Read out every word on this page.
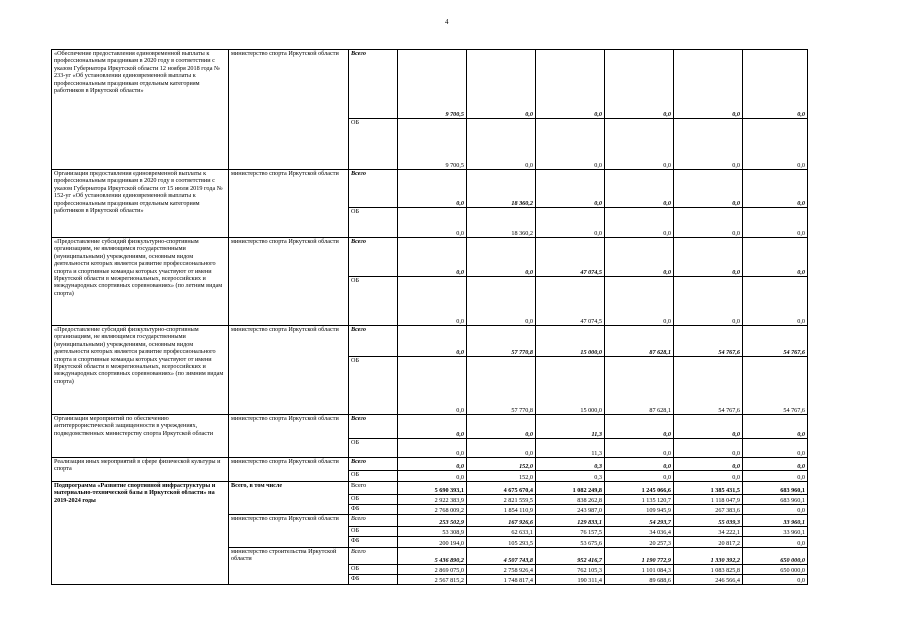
4
«Обеспечение предоставления единовременной выплаты к профессиональным праздникам в 2020 году в соответствии с указом Губернатора Иркутской области 12 ноября 2018 года № 233-уг «Об установлении единовременной выплаты к профессиональным праздникам отдельным категориям работников в Иркутской области»	министерство спорта Иркутской области	Всего	9 700,5	0,0	0,0	0,0	0,0	0,0
		ОБ	9 700,5	0,0	0,0	0,0	0,0	0,0
Организация предоставления единовременной выплаты к профессиональным праздникам в 2020 году в соответствии с указом Губернатора Иркутской области от 15 июля 2019 года № 152-уг «Об установлении единовременной выплаты к профессиональным праздникам отдельным категориям работников в Иркутской области»	министерство спорта Иркутской области	Всего	0,0	18 360,2	0,0	0,0	0,0	0,0
		ОБ	0,0	18 360,2	0,0	0,0	0,0	0,0
«Предоставление субсидий физкультурно-спортивным организациям, не являющимся государственными (муниципальными) учреждениями, основным видом деятельности которых является развитие профессионального спорта и спортивные команды которых участвуют от имени Иркутской области в межрегиональных, всероссийских и международных спортивных соревнованиях» (по летним видам спорта)	министерство спорта Иркутской области	Всего	0,0	0,0	47 074,5	0,0	0,0	0,0
		ОБ	0,0	0,0	47 074,5	0,0	0,0	0,0
«Предоставление субсидий физкультурно-спортивным организациям, не являющимся государственными (муниципальными) учреждениями, основным видом деятельности которых является развитие профессионального спорта и спортивные команды которых участвуют от имени Иркутской области в межрегиональных, всероссийских и международных спортивных соревнованиях» (по зимним видам спорта)	министерство спорта Иркутской области	Всего	0,0	57 770,8	15 000,0	87 628,1	54 767,6	54 767,6
		ОБ	0,0	57 770,8	15 000,0	87 628,1	54 767,6	54 767,6
Организация мероприятий по обеспечению антитеррористической защищенности в учреждениях, подведомственных министерству спорта Иркутской области	министерство спорта Иркутской области	Всего	0,0	0,0	11,3	0,0	0,0	0,0
		ОБ	0,0	0,0	11,3	0,0	0,0	0,0
Реализация иных мероприятий в сфере физической культуры и спорта	министерство спорта Иркутской области	Всего	0,0	152,0	0,3	0,0	0,0	0,0
		ОБ	0,0	152,0	0,3	0,0	0,0	0,0
Подпрограмма «Развитие спортивной инфраструктуры и материально-технической базы в Иркутской области» на 2019-2024 годы	Всего, в том числе	Всего	5 690 393,1	4 675 670,4	1 082 249,8	1 245 066,6	1 385 431,5	683 960,1
		ОБ	2 922 383,9	2 821 559,5	838 262,8	1 135 120,7	1 118 047,9	683 960,1
		ФБ	2 768 009,2	1 854 110,9	243 987,0	109 945,9	267 383,6	0,0
	министерство спорта Иркутской области	Всего	253 502,9	167 926,6	129 833,1	54 293,7	55 039,3	33 960,1
		ОБ	53 308,9	62 633,1	76 157,5	34 036,4	34 222,1	33 960,1
		ФБ	200 194,0	105 293,5	53 675,6	20 257,3	20 817,2	0,0
	министерство строительства Иркутской области	Всего	5 436 890,2	4 507 743,8	952 416,7	1 190 772,9	1 330 392,2	650 000,0
		ОБ	2 869 075,0	2 758 926,4	762 105,3	1 101 084,3	1 083 825,8	650 000,0
		ФБ	2 567 815,2	1 748 817,4	190 311,4	89 688,6	246 566,4	0,0
